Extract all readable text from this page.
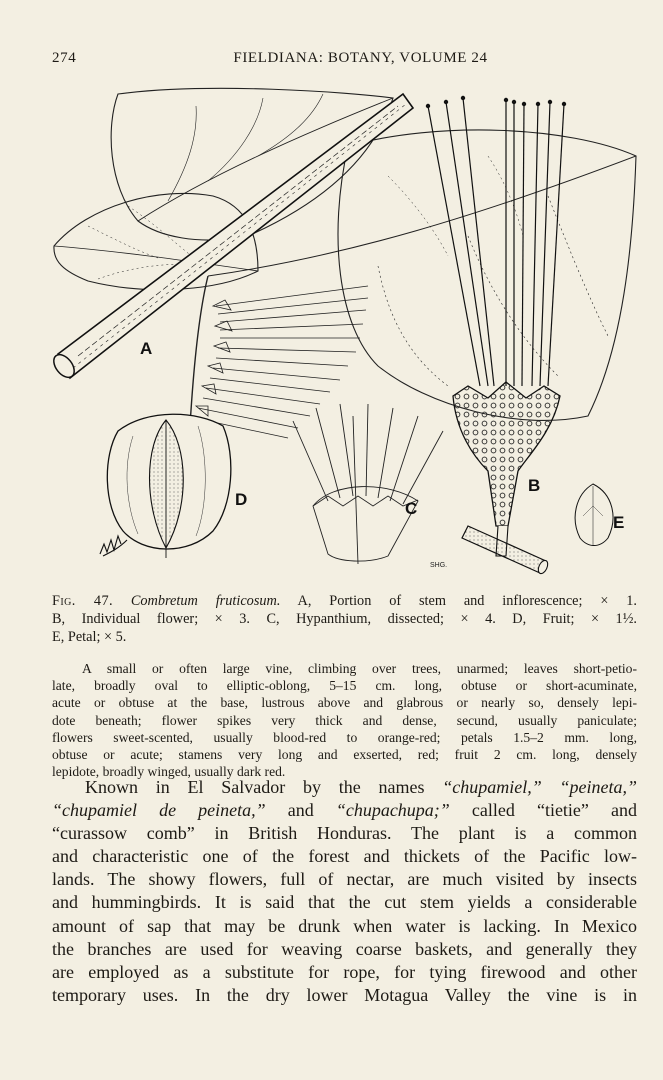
274	FIELDIANA: BOTANY, VOLUME 24
A
B
C
D
E
SHG.
Fig. 47. Combretum fruticosum. A, Portion of stem and inflorescence; × 1.
B, Individual flower; × 3. C, Hypanthium, dissected; × 4. D, Fruit; × 1½.
E, Petal; × 5.
A small or often large vine, climbing over trees, unarmed; leaves short-petio-
late, broadly oval to elliptic-oblong, 5–15 cm. long, obtuse or short-acuminate,
acute or obtuse at the base, lustrous above and glabrous or nearly so, densely lepi-
dote beneath; flower spikes very thick and dense, secund, usually paniculate;
flowers sweet-scented, usually blood-red to orange-red; petals 1.5–2 mm. long,
obtuse or acute; stamens very long and exserted, red; fruit 2 cm. long, densely
lepidote, broadly winged, usually dark red.
Known in El Salvador by the names “chupamiel,” “peineta,”
“chupamiel de peineta,” and “chupachupa;” called “tietie” and
“curassow comb” in British Honduras. The plant is a common
and characteristic one of the forest and thickets of the Pacific low-
lands. The showy flowers, full of nectar, are much visited by insects
and hummingbirds. It is said that the cut stem yields a considerable
amount of sap that may be drunk when water is lacking. In Mexico
the branches are used for weaving coarse baskets, and generally they
are employed as a substitute for rope, for tying firewood and other
temporary uses. In the dry lower Motagua Valley the vine is in
